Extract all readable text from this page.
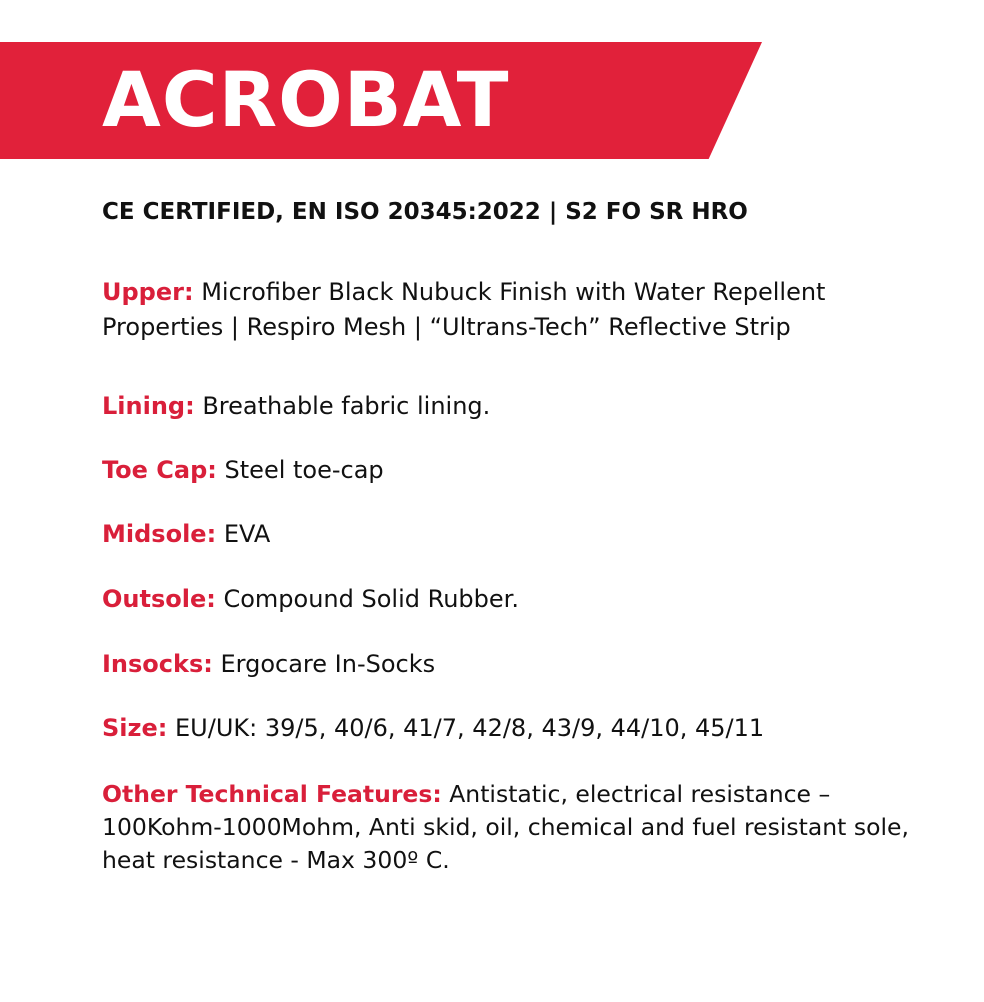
ACROBAT

CE CERTIFIED, EN ISO 20345:2022 | S2 FO SR HRO

Upper: Microfiber Black Nubuck Finish with Water Repellent Properties | Respiro Mesh | “Ultrans-Tech” Reflective Strip

Lining: Breathable fabric lining.

Toe Cap: Steel toe-cap

Midsole: EVA

Outsole: Compound Solid Rubber.

Insocks: Ergocare In-Socks

Size: EU/UK: 39/5, 40/6, 41/7, 42/8, 43/9, 44/10, 45/11

Other Technical Features: Antistatic, electrical resistance – 100Kohm-1000Mohm, Anti skid, oil, chemical and fuel resistant sole, heat resistance - Max 300º C.
